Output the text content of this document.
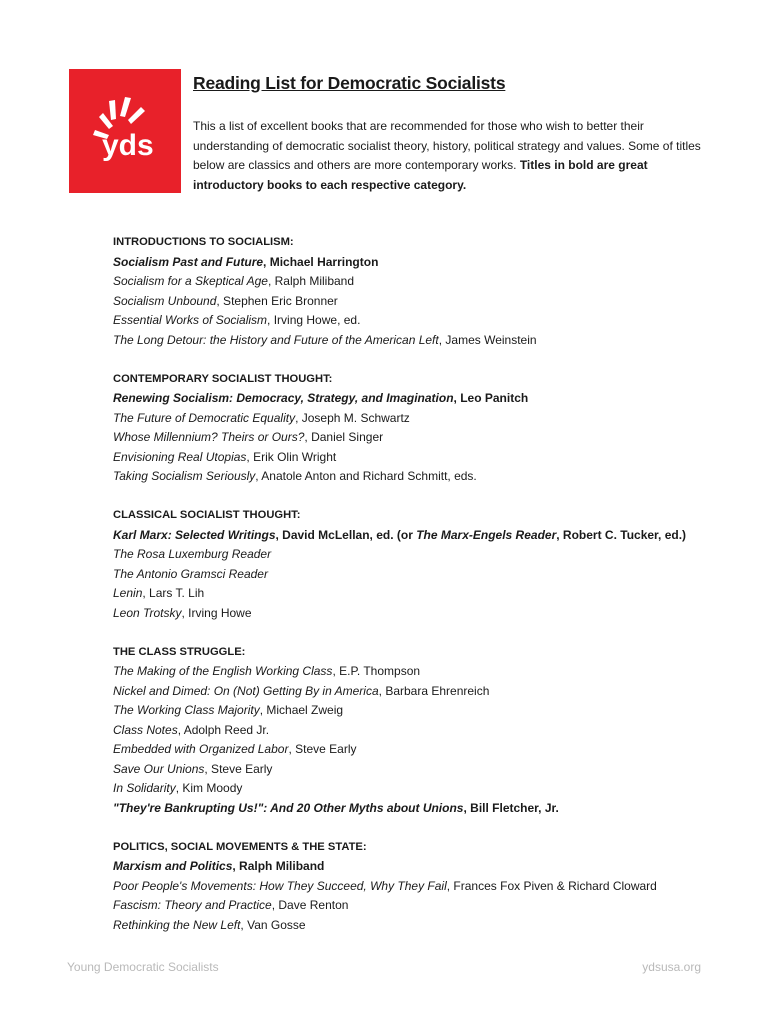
yds
Reading List for Democratic Socialists

This a list of excellent books that are recommended for those who wish to better their understanding of democratic socialist theory, history, political strategy and values. Some of titles below are classics and others are more contemporary works. Titles in bold are great introductory books to each respective category.

INTRODUCTIONS TO SOCIALISM:
Socialism Past and Future, Michael Harrington
Socialism for a Skeptical Age, Ralph Miliband
Socialism Unbound, Stephen Eric Bronner
Essential Works of Socialism, Irving Howe, ed.
The Long Detour: the History and Future of the American Left, James Weinstein
CONTEMPORARY SOCIALIST THOUGHT:
Renewing Socialism: Democracy, Strategy, and Imagination, Leo Panitch
The Future of Democratic Equality, Joseph M. Schwartz
Whose Millennium? Theirs or Ours?, Daniel Singer
Envisioning Real Utopias, Erik Olin Wright
Taking Socialism Seriously, Anatole Anton and Richard Schmitt, eds.
CLASSICAL SOCIALIST THOUGHT:
Karl Marx: Selected Writings, David McLellan, ed. (or The Marx-Engels Reader, Robert C. Tucker, ed.)
The Rosa Luxemburg Reader
The Antonio Gramsci Reader
Lenin, Lars T. Lih
Leon Trotsky, Irving Howe
THE CLASS STRUGGLE:
The Making of the English Working Class, E.P. Thompson
Nickel and Dimed: On (Not) Getting By in America, Barbara Ehrenreich
The Working Class Majority, Michael Zweig
Class Notes, Adolph Reed Jr.
Embedded with Organized Labor, Steve Early
Save Our Unions, Steve Early
In Solidarity, Kim Moody
"They're Bankrupting Us!": And 20 Other Myths about Unions, Bill Fletcher, Jr.
POLITICS, SOCIAL MOVEMENTS & THE STATE:
Marxism and Politics, Ralph Miliband
Poor People's Movements: How They Succeed, Why They Fail, Frances Fox Piven & Richard Cloward
Fascism: Theory and Practice, Dave Renton
Rethinking the New Left, Van Gosse
Young Democratic Socialists	ydsusa.org
